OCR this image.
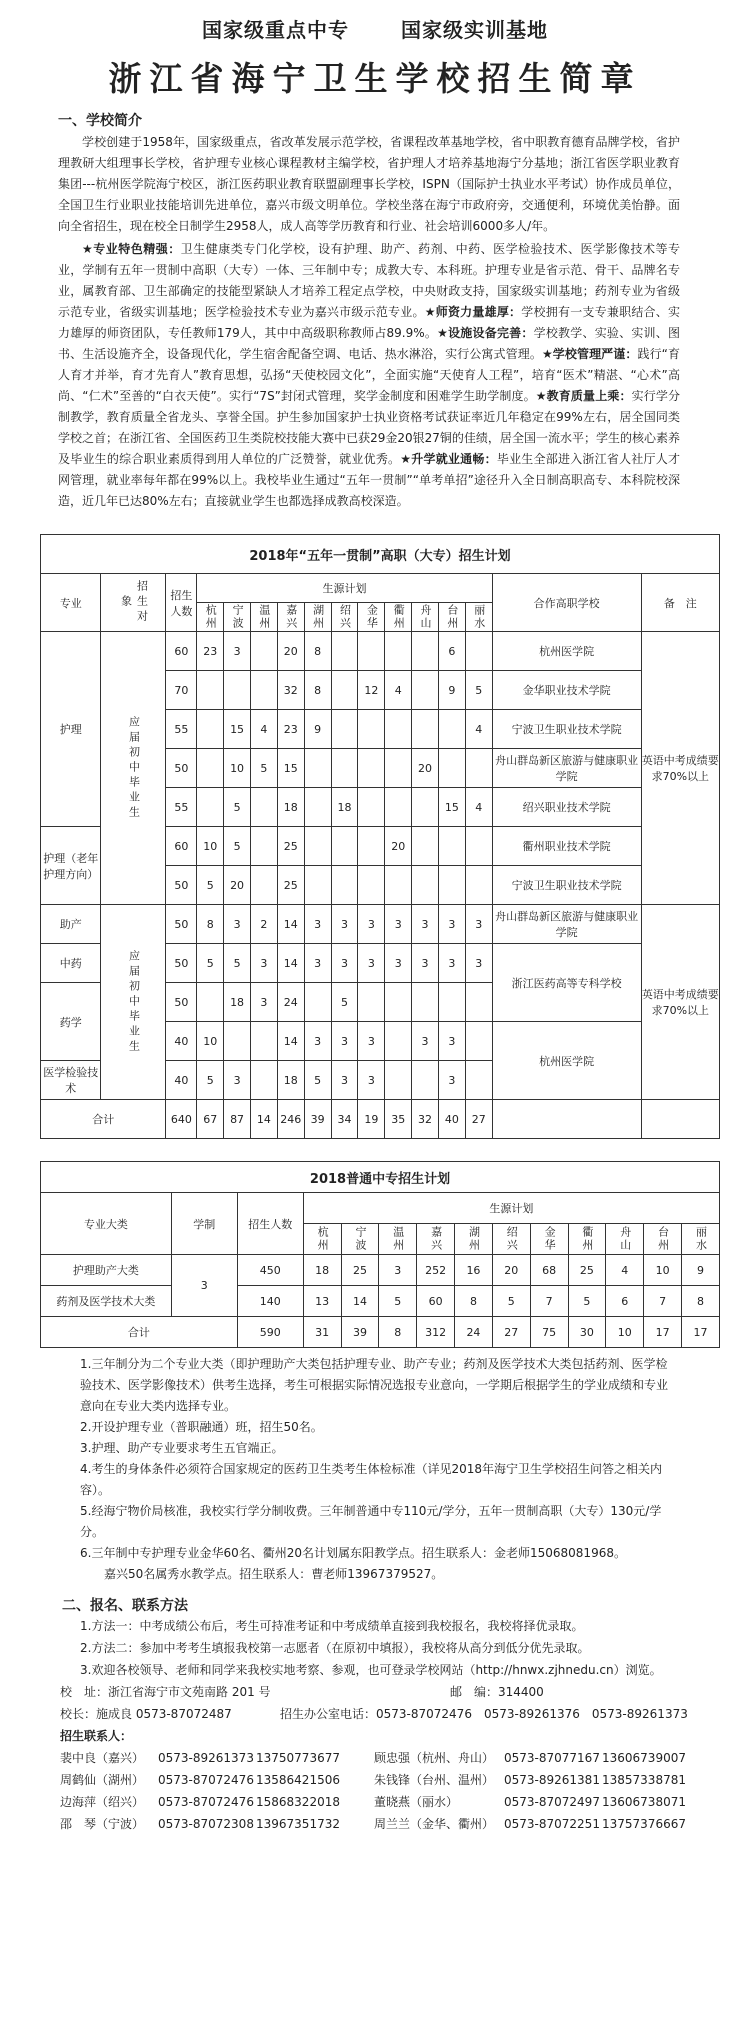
国家级重点中专	国家级实训基地
浙江省海宁卫生学校招生简章
一、学校简介
学校创建于1958年，国家级重点，省改革发展示范学校，省课程改革基地学校，省中职教育德育品牌学校，省护理教研大组理事长学校，省护理专业核心课程教材主编学校，省护理人才培养基地海宁分基地；浙江省医学职业教育集团---杭州医学院海宁校区，浙江医药职业教育联盟副理事长学校，ISPN（国际护士执业水平考试）协作成员单位，全国卫生行业职业技能培训先进单位，嘉兴市级文明单位。学校坐落在海宁市政府旁，交通便利，环境优美怡静。面向全省招生，现在校全日制学生2958人，成人高等学历教育和行业、社会培训6000多人/年。
★专业特色精强：卫生健康类专门化学校，设有护理、助产、药剂、中药、医学检验技术、医学影像技术等专业，学制有五年一贯制中高职（大专）一体、三年制中专；成教大专、本科班。护理专业是省示范、骨干、品牌名专业，属教育部、卫生部确定的技能型紧缺人才培养工程定点学校，中央财政支持，国家级实训基地；药剂专业为省级示范专业，省级实训基地；医学检验技术专业为嘉兴市级示范专业。★师资力量雄厚：学校拥有一支专兼职结合、实力雄厚的师资团队，专任教师179人，其中中高级职称教师占89.9%。★设施设备完善：学校教学、实验、实训、图书、生活设施齐全，设备现代化，学生宿舍配备空调、电话、热水淋浴，实行公寓式管理。★学校管理严谨：践行“育人育才并举，育才先育人”教育思想，弘扬“天使校园文化”，全面实施“天使育人工程”，培育“医术”精湛、“心术”高尚、“仁术”至善的“白衣天使”。实行“7S”封闭式管理，奖学金制度和困难学生助学制度。★教育质量上乘：实行学分制教学，教育质量全省龙头、享誉全国。护生参加国家护士执业资格考试获证率近几年稳定在99%左右，居全国同类学校之首；在浙江省、全国医药卫生类院校技能大赛中已获29金20银27铜的佳绩，居全国一流水平；学生的核心素养及毕业生的综合职业素质得到用人单位的广泛赞誉，就业优秀。★升学就业通畅：毕业生全部进入浙江省人社厅人才网管理，就业率每年都在99%以上。我校毕业生通过“五年一贯制”“单考单招”途径升入全日制高职高专、本科院校深造，近几年已达80%左右；直接就业学生也都选择成教高校深造。
2018年“五年一贯制”高职（大专）招生计划															
专业	招生对象	招生人数	生源计划											合作高职学校	备　注

			杭州	宁波	温州	嘉兴	湖州	绍兴	金华	衢州	舟山	台州	丽水		

护理	应届初中毕业生	60	23	3		20	8					6		杭州医学院	英语中考成绩要求70%以上
		70				32	8		12	4		9	5	金华职业技术学院	
		55		15	4	23	9						4	宁波卫生职业技术学院	
		50		10	5	15					20			舟山群岛新区旅游与健康职业学院	
		55		5		18		18				15	4	绍兴职业技术学院	
护理（老年护理方向）		60	10	5		25				20				衢州职业技术学院	
		50	5	20		25								宁波卫生职业技术学院	
助产	应届初中毕业生	50	8	3	2	14	3	3	3	3	3	3	3	舟山群岛新区旅游与健康职业学院	英语中考成绩要求70%以上
中药		50	5	5	3	14	3	3	3	3	3	3	3	浙江医药高等专科学校	
药学		50		18	3	24		5							
		40	10			14	3	3	3		3	3		杭州医学院	
医学检验技术		40	5	3		18	5	3	3			3			
合计		640	67	87	14	246	39	34	19	35	32	40	27		
2018普通中专招生计划													
专业大类	学制	招生人数	生源计划										

			杭州	宁波	温州	嘉兴	湖州	绍兴	金华	衢州	舟山	台州	丽水

护理助产大类	3	450	18	25	3	252	16	20	68	25	4	10	9
药剂及医学技术大类		140	13	14	5	60	8	5	7	5	6	7	8
合计		590	31	39	8	312	24	27	75	30	10	17	17

1.三年制分为二个专业大类（即护理助产大类包括护理专业、助产专业；药剂及医学技术大类包括药剂、医学检验技术、医学影像技术）供考生选择，考生可根据实际情况选报专业意向，一学期后根据学生的学业成绩和专业意向在专业大类内选择专业。

2.开设护理专业（普职融通）班，招生50名。

3.护理、助产专业要求考生五官端正。

4.考生的身体条件必须符合国家规定的医药卫生类考生体检标准（详见2018年海宁卫生学校招生问答之相关内容）。

5.经海宁物价局核准，我校实行学分制收费。三年制普通中专110元/学分，五年一贯制高职（大专）130元/学分。

6.三年制中专护理专业金华60名、衢州20名计划属东阳教学点。招生联系人：金老师15068081968。

嘉兴50名属秀水教学点。招生联系人：曹老师13967379527。

二、报名、联系方法

1.方法一：中考成绩公布后，考生可持准考证和中考成绩单直接到我校报名，我校将择优录取。

2.方法二：参加中考考生填报我校第一志愿者（在原初中填报），我校将从高分到低分优先录取。

3.欢迎各校领导、老师和同学来我校实地考察、参观，也可登录学校网站（http://hnwx.zjhnedu.cn）浏览。

校　址：浙江省海宁市文苑南路 201 号	邮　编：314400
校长：施成良 0573-87072487	招生办公室电话：0573-87072476　0573-89261376　0573-89261373
招生联系人：
裴中良（嘉兴）	0573-89261373 13750773677	顾忠强（杭州、舟山） 0573-87077167 13606739007
周鹤仙（湖州）	0573-87072476 13586421506	朱钱锋（台州、温州） 0573-89261381 13857338781
边海萍（绍兴）	0573-87072476 15868322018	董晓燕（丽水）	0573-87072497 13606738071
邵　琴（宁波）	0573-87072308 13967351732	周兰兰（金华、衢州） 0573-87072251 13757376667
